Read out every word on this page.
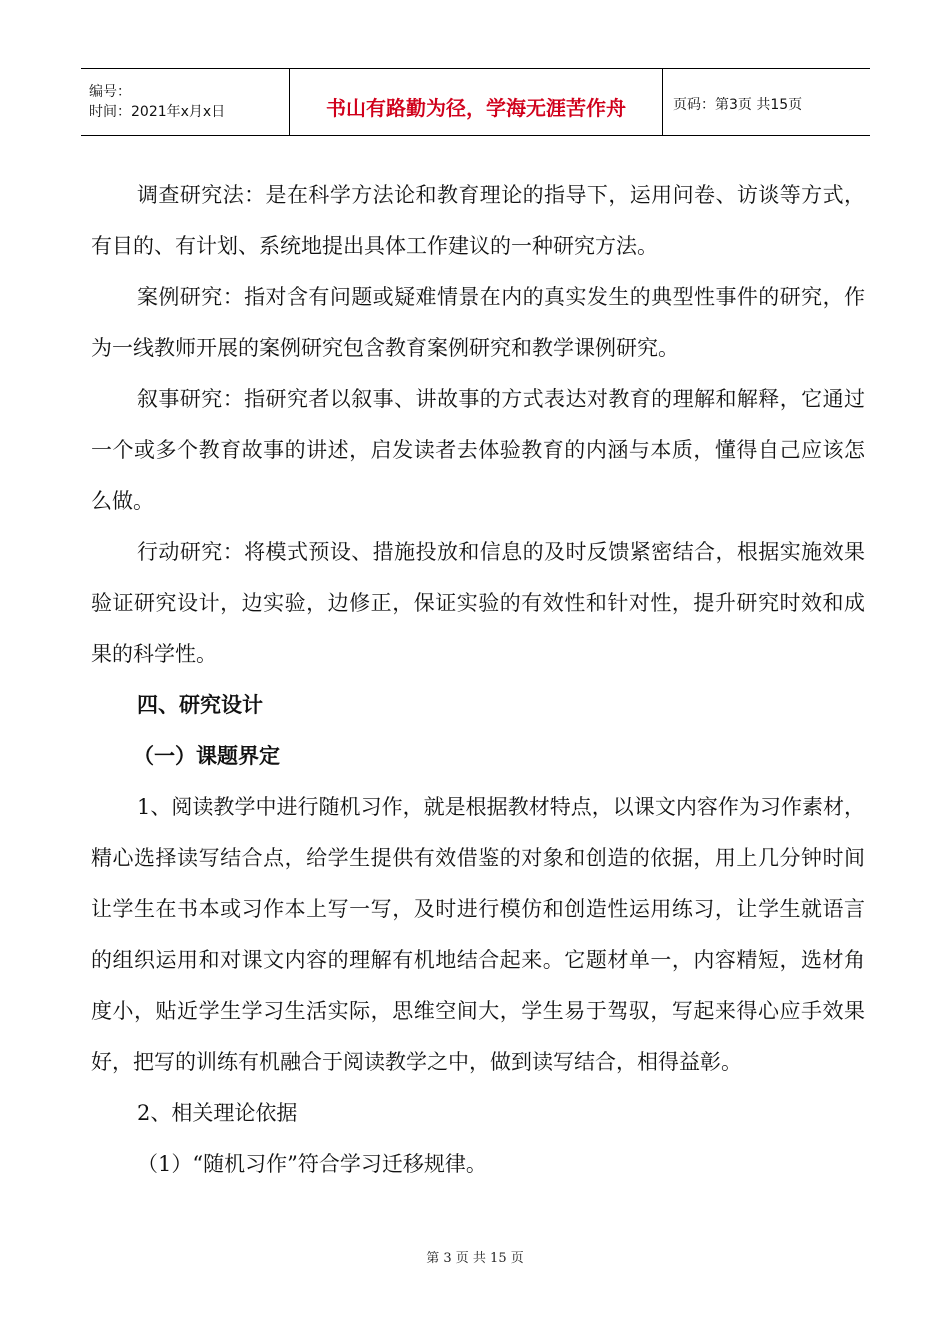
编号：
时间：2021年x月x日	书山有路勤为径，学海无涯苦作舟	页码：第3页 共15页

调查研究法：是在科学方法论和教育理论的指导下，运用问卷、访谈等方式，有目的、有计划、系统地提出具体工作建议的一种研究方法。

案例研究：指对含有问题或疑难情景在内的真实发生的典型性事件的研究，作为一线教师开展的案例研究包含教育案例研究和教学课例研究。

叙事研究：指研究者以叙事、讲故事的方式表达对教育的理解和解释，它通过一个或多个教育故事的讲述，启发读者去体验教育的内涵与本质，懂得自己应该怎么做。

行动研究：将模式预设、措施投放和信息的及时反馈紧密结合，根据实施效果验证研究设计，边实验，边修正，保证实验的有效性和针对性，提升研究时效和成果的科学性。

四、研究设计

（一）课题界定

1、阅读教学中进行随机习作，就是根据教材特点，以课文内容作为习作素材，精心选择读写结合点，给学生提供有效借鉴的对象和创造的依据，用上几分钟时间让学生在书本或习作本上写一写，及时进行模仿和创造性运用练习，让学生就语言的组织运用和对课文内容的理解有机地结合起来。它题材单一，内容精短，选材角度小，贴近学生学习生活实际，思维空间大，学生易于驾驭，写起来得心应手效果好，把写的训练有机融合于阅读教学之中，做到读写结合，相得益彰。

2、相关理论依据

（1）“随机习作”符合学习迁移规律。

第 3 页 共 15 页
